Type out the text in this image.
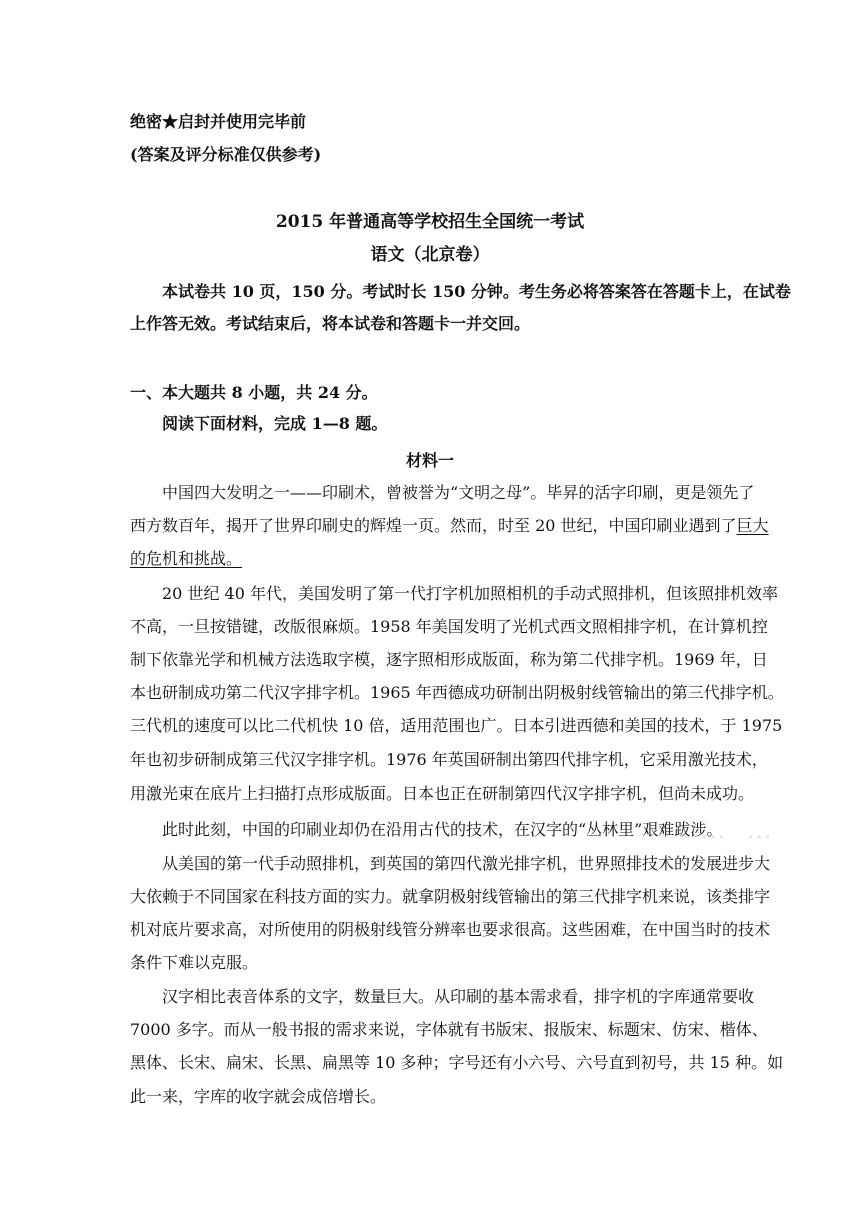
绝密★启封并使用完毕前
(答案及评分标准仅供参考)
2015 年普通高等学校招生全国统一考试
语文（北京卷）
本试卷共 10 页，150 分。考试时长 150 分钟。考生务必将答案答在答题卡上，在试卷
上作答无效。考试结束后，将本试卷和答题卡一并交回。
一、本大题共 8 小题，共 24 分。
阅读下面材料，完成 1—8 题。
材料一
中国四大发明之一——印刷术，曾被誉为“文明之母”。毕昇的活字印刷，更是领先了
西方数百年，揭开了世界印刷史的辉煌一页。然而，时至 20 世纪，中国印刷业遇到了巨大
的危机和挑战。
20 世纪 40 年代，美国发明了第一代打字机加照相机的手动式照排机，但该照排机效率
不高，一旦按错键，改版很麻烦。1958 年美国发明了光机式西文照相排字机，在计算机控
制下依靠光学和机械方法选取字模，逐字照相形成版面，称为第二代排字机。1969 年，日
本也研制成功第二代汉字排字机。1965 年西德成功研制出阴极射线管输出的第三代排字机。
三代机的速度可以比二代机快 10 倍，适用范围也广。日本引进西德和美国的技术，于 1975
年也初步研制成第三代汉字排字机。1976 年英国研制出第四代排字机，它采用激光技术，
用激光束在底片上扫描打点形成版面。日本也正在研制第四代汉字排字机，但尚未成功。
此时此刻，中国的印刷业却仍在沿用古代的技术，在汉字的“丛林里”艰难跋涉。
从美国的第一代手动照排机，到英国的第四代激光排字机，世界照排技术的发展进步大
大依赖于不同国家在科技方面的实力。就拿阴极射线管输出的第三代排字机来说，该类排字
机对底片要求高，对所使用的阴极射线管分辨率也要求很高。这些困难，在中国当时的技术
条件下难以克服。
汉字相比表音体系的文字，数量巨大。从印刷的基本需求看，排字机的字库通常要收
7000 多字。而从一般书报的需求来说，字体就有书版宋、报版宋、标题宋、仿宋、楷体、
黑体、长宋、扁宋、长黑、扁黑等 10 多种；字号还有小六号、六号直到初号，共 15 种。如
此一来，字库的收字就会成倍增长。
⋯ ⋯
